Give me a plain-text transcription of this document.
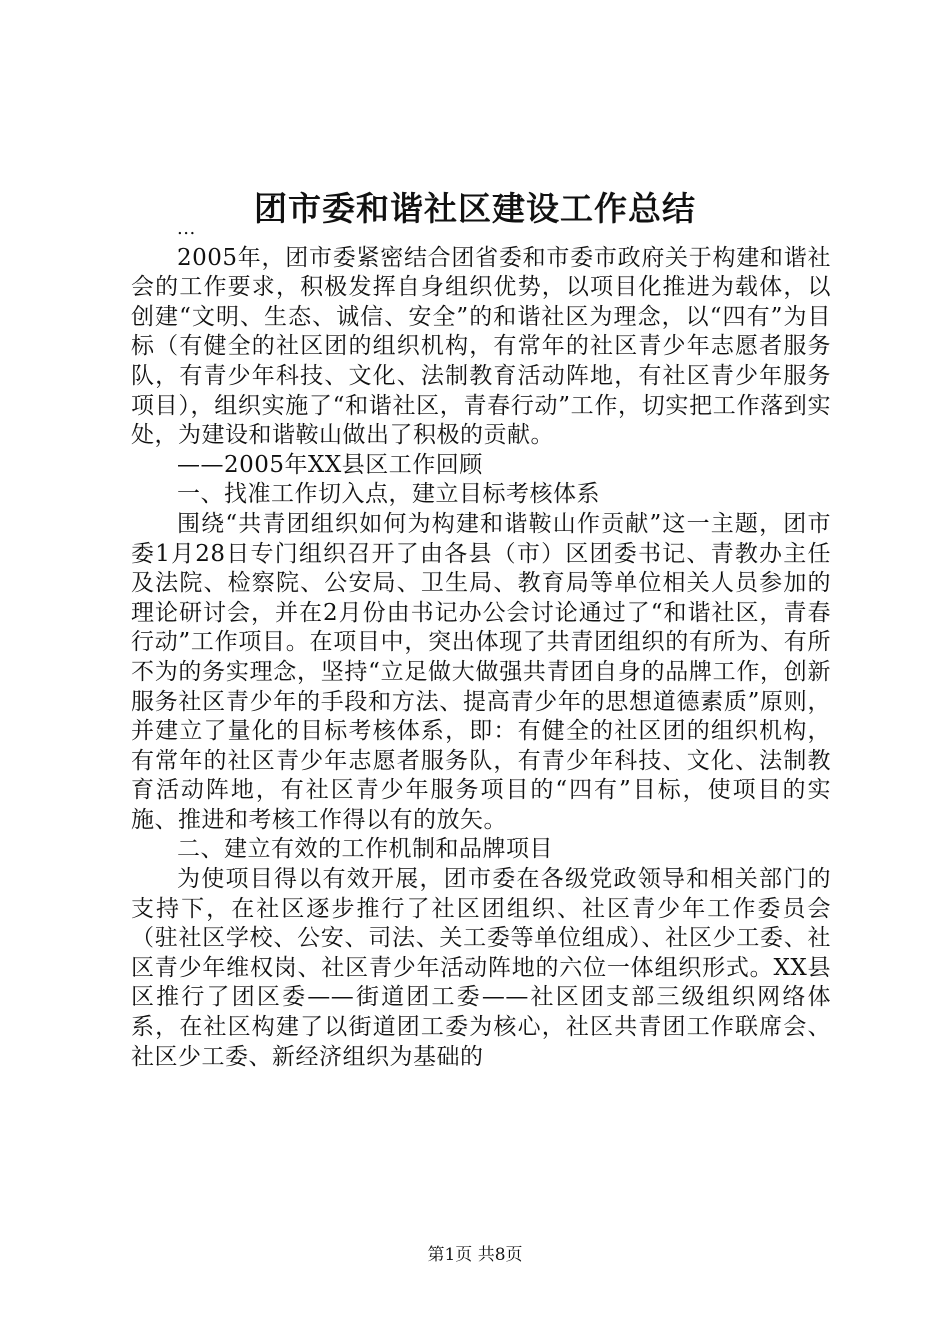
团市委和谐社区建设工作总结
...

2005年，团市委紧密结合团省委和市委市政府关于构建和谐社会的工作要求，积极发挥自身组织优势，以项目化推进为载体，以创建“文明、生态、诚信、安全”的和谐社区为理念，以“四有”为目标（有健全的社区团的组织机构，有常年的社区青少年志愿者服务队，有青少年科技、文化、法制教育活动阵地，有社区青少年服务项目），组织实施了“和谐社区，青春行动”工作，切实把工作落到实处，为建设和谐鞍山做出了积极的贡献。

——2005年XX县区工作回顾

一、找准工作切入点，建立目标考核体系

围绕“共青团组织如何为构建和谐鞍山作贡献”这一主题，团市委1月28日专门组织召开了由各县（市）区团委书记、青教办主任及法院、检察院、公安局、卫生局、教育局等单位相关人员参加的理论研讨会，并在2月份由书记办公会讨论通过了“和谐社区，青春行动”工作项目。在项目中，突出体现了共青团组织的有所为、有所不为的务实理念，坚持“立足做大做强共青团自身的品牌工作，创新服务社区青少年的手段和方法、提高青少年的思想道德素质”原则，并建立了量化的目标考核体系，即：有健全的社区团的组织机构，有常年的社区青少年志愿者服务队，有青少年科技、文化、法制教育活动阵地，有社区青少年服务项目的“四有”目标，使项目的实施、推进和考核工作得以有的放矢。

二、建立有效的工作机制和品牌项目

为使项目得以有效开展，团市委在各级党政领导和相关部门的支持下，在社区逐步推行了社区团组织、社区青少年工作委员会（驻社区学校、公安、司法、关工委等单位组成）、社区少工委、社区青少年维权岗、社区青少年活动阵地的六位一体组织形式。XX县区推行了团区委——街道团工委——社区团支部三级组织网络体系，在社区构建了以街道团工委为核心，社区共青团工作联席会、社区少工委、新经济组织为基础的

第1页 共8页
